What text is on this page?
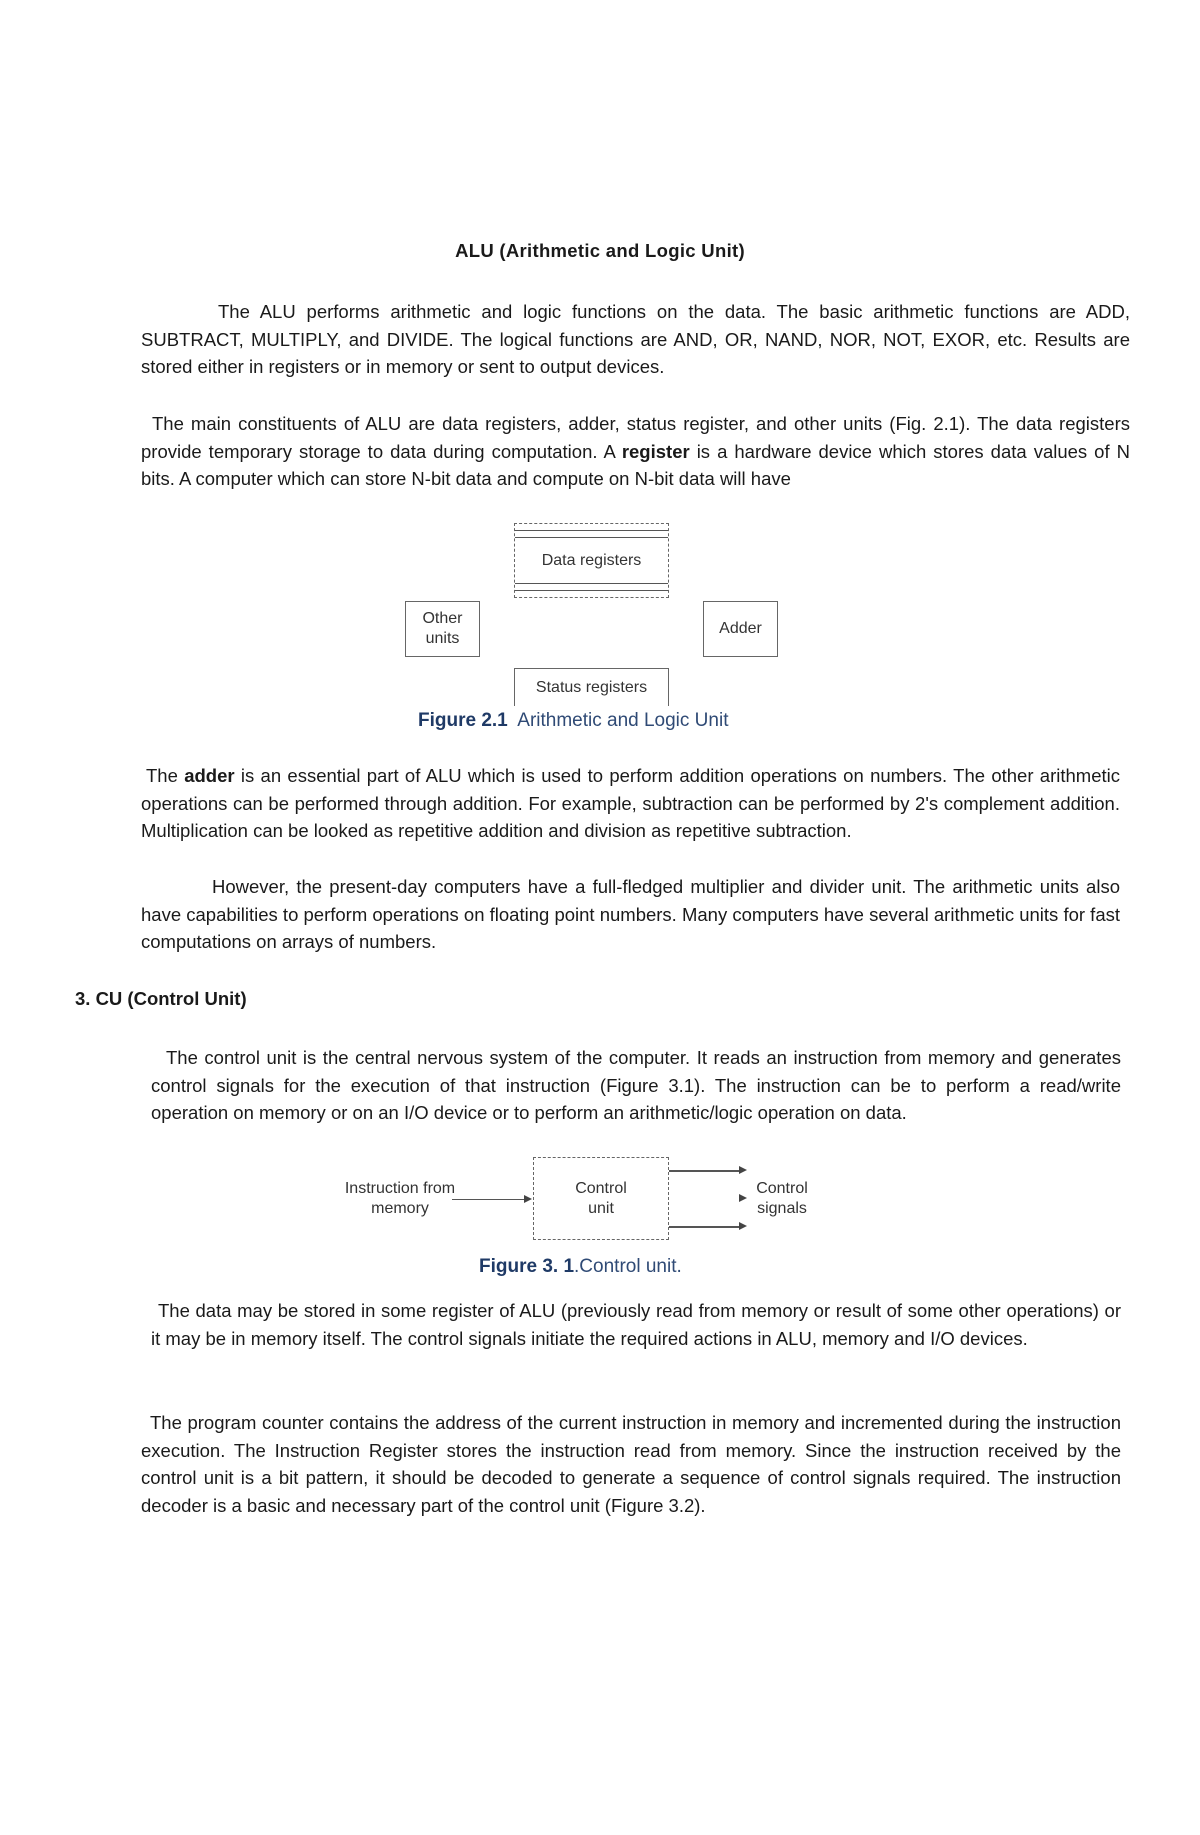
ALU (Arithmetic and Logic Unit)

The ALU performs arithmetic and logic functions on the data. The basic arithmetic functions are ADD, SUBTRACT, MULTIPLY, and DIVIDE. The logical functions are AND, OR, NAND, NOR, NOT, EXOR, etc. Results are stored either in registers or in memory or sent to output devices.

The main constituents of ALU are data registers, adder, status register, and other units (Fig. 2.1). The data registers provide temporary storage to data during computation. A register is a hardware device which stores data values of N bits. A computer which can store N-bit data and compute on N-bit data will have

Data registers
Other units
Adder
Status registers
Figure 2.1 Arithmetic and Logic Unit

The adder is an essential part of ALU which is used to perform addition operations on numbers. The other arithmetic operations can be performed through addition. For example, subtraction can be performed by 2's complement addition. Multiplication can be looked as repetitive addition and division as repetitive subtraction.

However, the present-day computers have a full-fledged multiplier and divider unit. The arithmetic units also have capabilities to perform operations on floating point numbers. Many computers have several arithmetic units for fast computations on arrays of numbers.

3. CU (Control Unit)

The control unit is the central nervous system of the computer. It reads an instruction from memory and generates control signals for the execution of that instruction (Figure 3.1). The instruction can be to perform a read/write operation on memory or on an I/O device or to perform an arithmetic/logic operation on data.

Instruction from memory
Control unit
Control signals
Figure 3. 1.Control unit.

The data may be stored in some register of ALU (previously read from memory or result of some other operations) or it may be in memory itself. The control signals initiate the required actions in ALU, memory and I/O devices.

The program counter contains the address of the current instruction in memory and incremented during the instruction execution. The Instruction Register stores the instruction read from memory. Since the instruction received by the control unit is a bit pattern, it should be decoded to generate a sequence of control signals required. The instruction decoder is a basic and necessary part of the control unit (Figure 3.2).
